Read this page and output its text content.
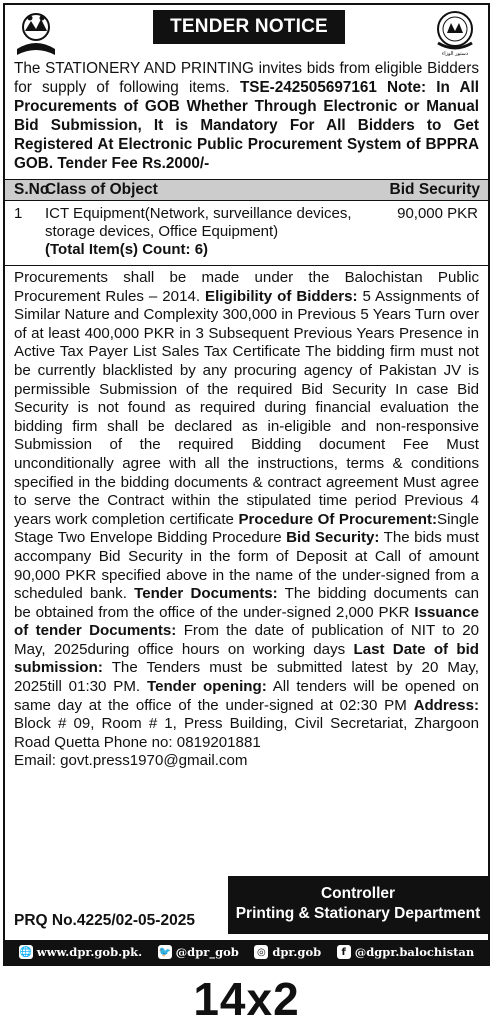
TENDER NOTICE
دستور الوزاء
The STATIONERY AND PRINTING invites bids from eligible Bidders for supply of following items. TSE-242505697161 Note: In All Procurements of GOB Whether Through Electronic or Manual Bid Submission, It is Mandatory For All Bidders to Get Registered At Electronic Public Procurement System of BPPRA GOB. Tender Fee Rs.2000/-
S.No
Class of Object	Bid Security
1 ICT Equipment(Network, surveillance devices, storage devices, Office Equipment)
(Total Item(s) Count: 6)
90,000 PKR
Procurements shall be made under the Balochistan Public Procurement Rules – 2014. Eligibility of Bidders: 5 Assignments of Similar Nature and Complexity 300,000 in Previous 5 Years Turn over of at least 400,000 PKR in 3 Subsequent Previous Years Presence in Active Tax Payer List Sales Tax Certificate The bidding firm must not be currently blacklisted by any procuring agency of Pakistan JV is permissible Submission of the required Bid Security In case Bid Security is not found as required during financial evaluation the bidding firm shall be declared as in-eligible and non-responsive Submission of the required Bidding document Fee Must unconditionally agree with all the instructions, terms & conditions specified in the bidding documents & contract agreement Must agree to serve the Contract within the stipulated time period Previous 4 years work completion certificate Procedure Of Procurement:Single Stage Two Envelope Bidding Procedure Bid Security: The bids must accompany Bid Security in the form of Deposit at Call of amount 90,000 PKR specified above in the name of the under-signed from a scheduled bank. Tender Documents: The bidding documents can be obtained from the office of the under-signed 2,000 PKR Issuance of tender Documents: From the date of publication of NIT to 20 May, 2025during office hours on working days Last Date of bid submission: The Tenders must be submitted latest by 20 May, 2025till 01:30 PM. Tender opening: All tenders will be opened on same day at the office of the under-signed at 02:30 PM Address: Block # 09, Room # 1, Press Building, Civil Secretariat, Zhargoon Road Quetta Phone no: 0819201881
Email: govt.press1970@gmail.com
PRQ No.4225/02-05-2025
Controller
Printing & Stationary Department
🌐 www.dpr.gob.pk. 🐦 @dpr_gob ◎ dpr.gob	f @dgpr.balochistan
14x2
